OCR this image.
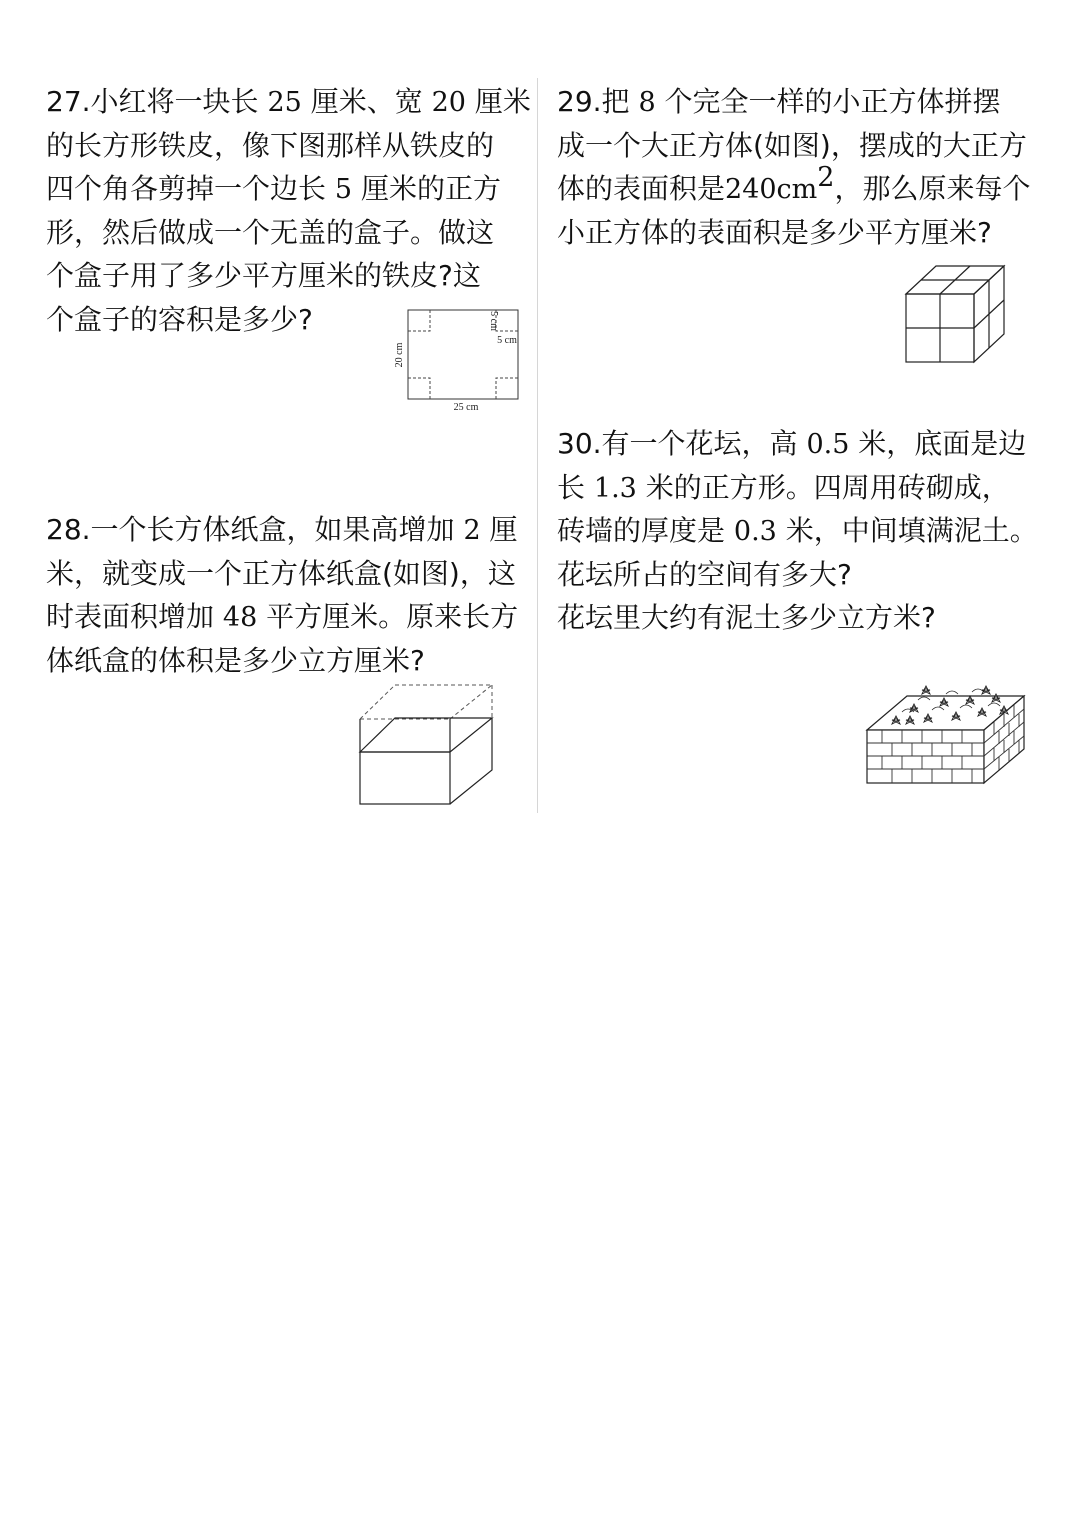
27.小红将一块长 25 厘米、宽 20 厘米
的长方形铁皮，像下图那样从铁皮的
四个角各剪掉一个边长 5 厘米的正方
形，然后做成一个无盖的盒子。做这
个盒子用了多少平方厘米的铁皮?这
个盒子的容积是多少?
25 cm
20 cm
5 cm
5 cm
28.一个长方体纸盒，如果高增加 2 厘
米，就变成一个正方体纸盒(如图)，这
时表面积增加 48 平方厘米。原来长方
体纸盒的体积是多少立方厘米?
29.把 8 个完全一样的小正方体拼摆
成一个大正方体(如图)，摆成的大正方
体的表面积是$240cm^2$，那么原来每个
小正方体的表面积是多少平方厘米?
30.有一个花坛，高 0.5 米，底面是边
长 1.3 米的正方形。四周用砖砌成，
砖墙的厚度是 0.3 米，中间填满泥土。
花坛所占的空间有多大?
花坛里大约有泥土多少立方米?
